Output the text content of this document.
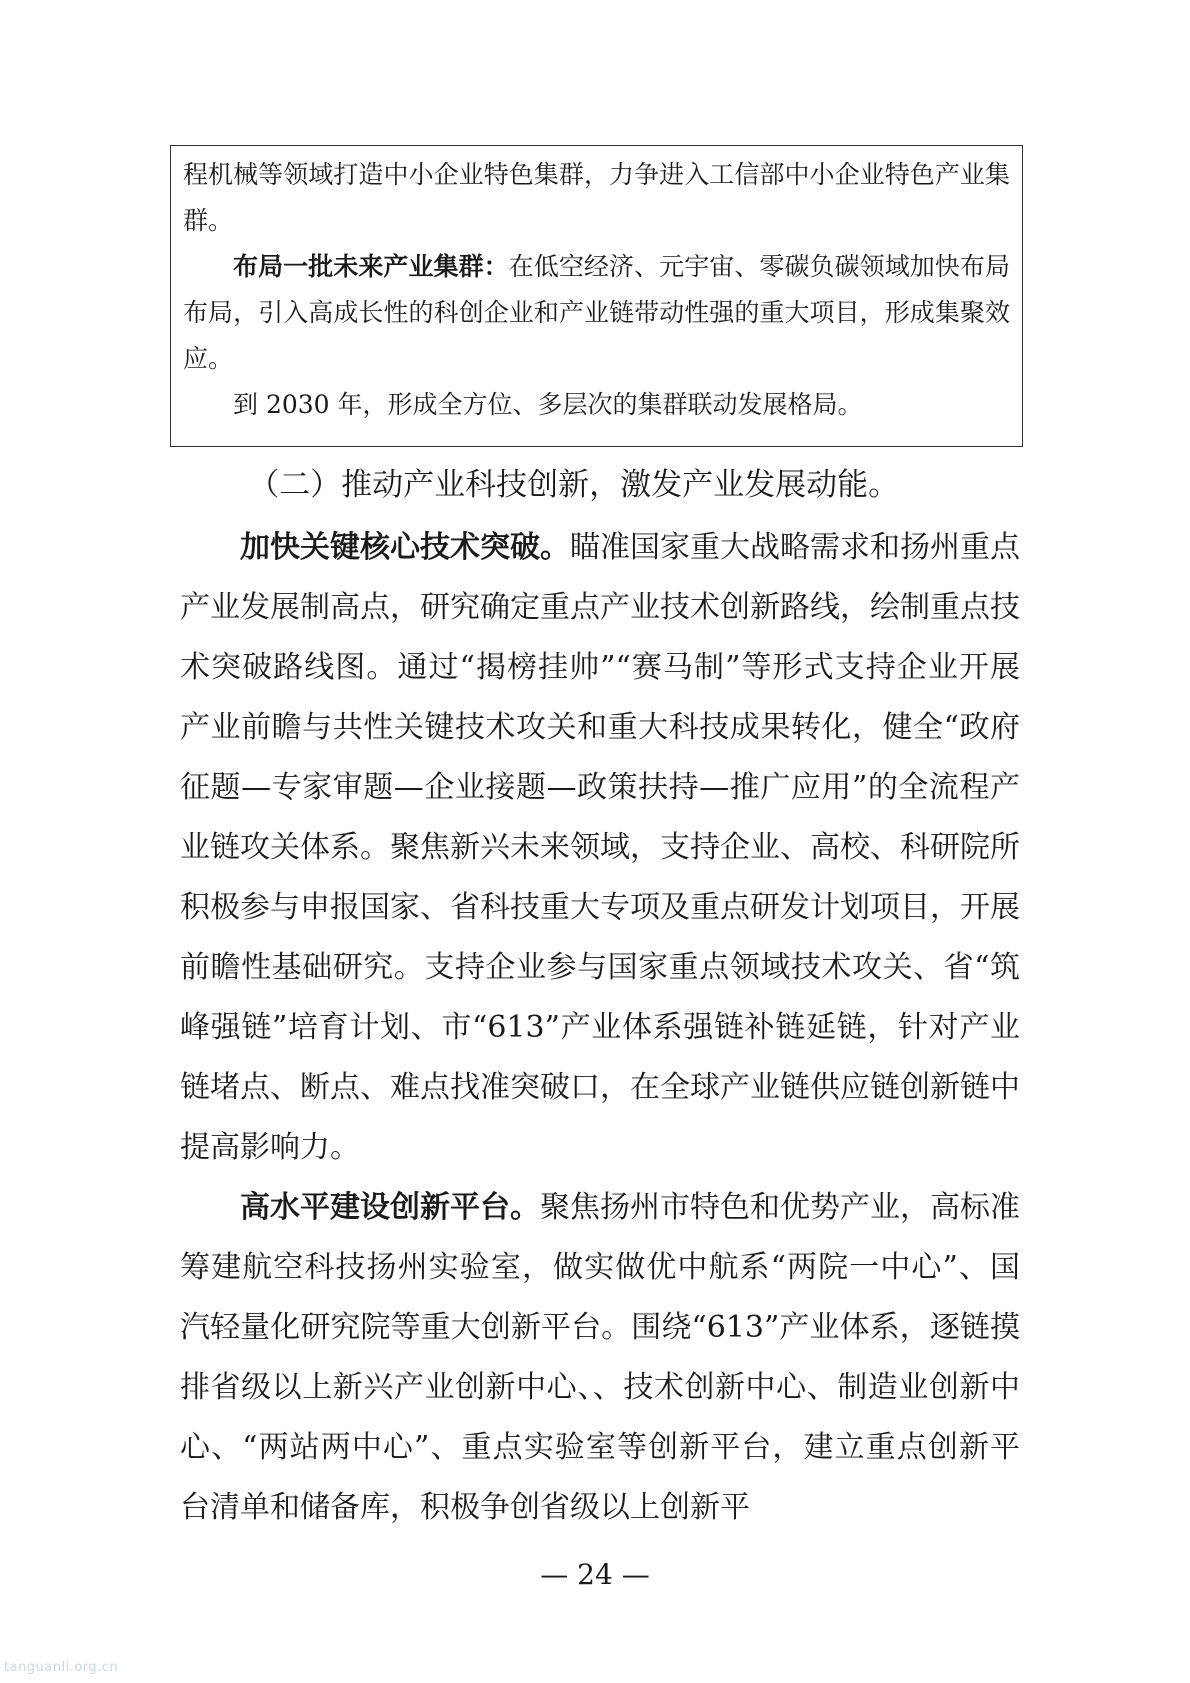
程机械等领域打造中小企业特色集群，力争进入工信部中小企业特色产业集群。

布局一批未来产业集群：在低空经济、元宇宙、零碳负碳领域加快布局布局，引入高成长性的科创企业和产业链带动性强的重大项目，形成集聚效应。

到 2030 年，形成全方位、多层次的集群联动发展格局。

（二）推动产业科技创新，激发产业发展动能。

加快关键核心技术突破。瞄准国家重大战略需求和扬州重点产业发展制高点，研究确定重点产业技术创新路线，绘制重点技术突破路线图。通过“揭榜挂帅”“赛马制”等形式支持企业开展产业前瞻与共性关键技术攻关和重大科技成果转化，健全“政府征题—专家审题—企业接题—政策扶持—推广应用”的全流程产业链攻关体系。聚焦新兴未来领域，支持企业、高校、科研院所积极参与申报国家、省科技重大专项及重点研发计划项目，开展前瞻性基础研究。支持企业参与国家重点领域技术攻关、省“筑峰强链”培育计划、市“613”产业体系强链补链延链，针对产业链堵点、断点、难点找准突破口，在全球产业链供应链创新链中提高影响力。

高水平建设创新平台。聚焦扬州市特色和优势产业，高标准筹建航空科技扬州实验室，做实做优中航系“两院一中心”、国汽轻量化研究院等重大创新平台。围绕“613”产业体系，逐链摸排省级以上新兴产业创新中心、、技术创新中心、制造业创新中心、“两站两中心”、重点实验室等创新平台，建立重点创新平台清单和储备库，积极争创省级以上创新平

— 24 —
tanguanli.org.cn
